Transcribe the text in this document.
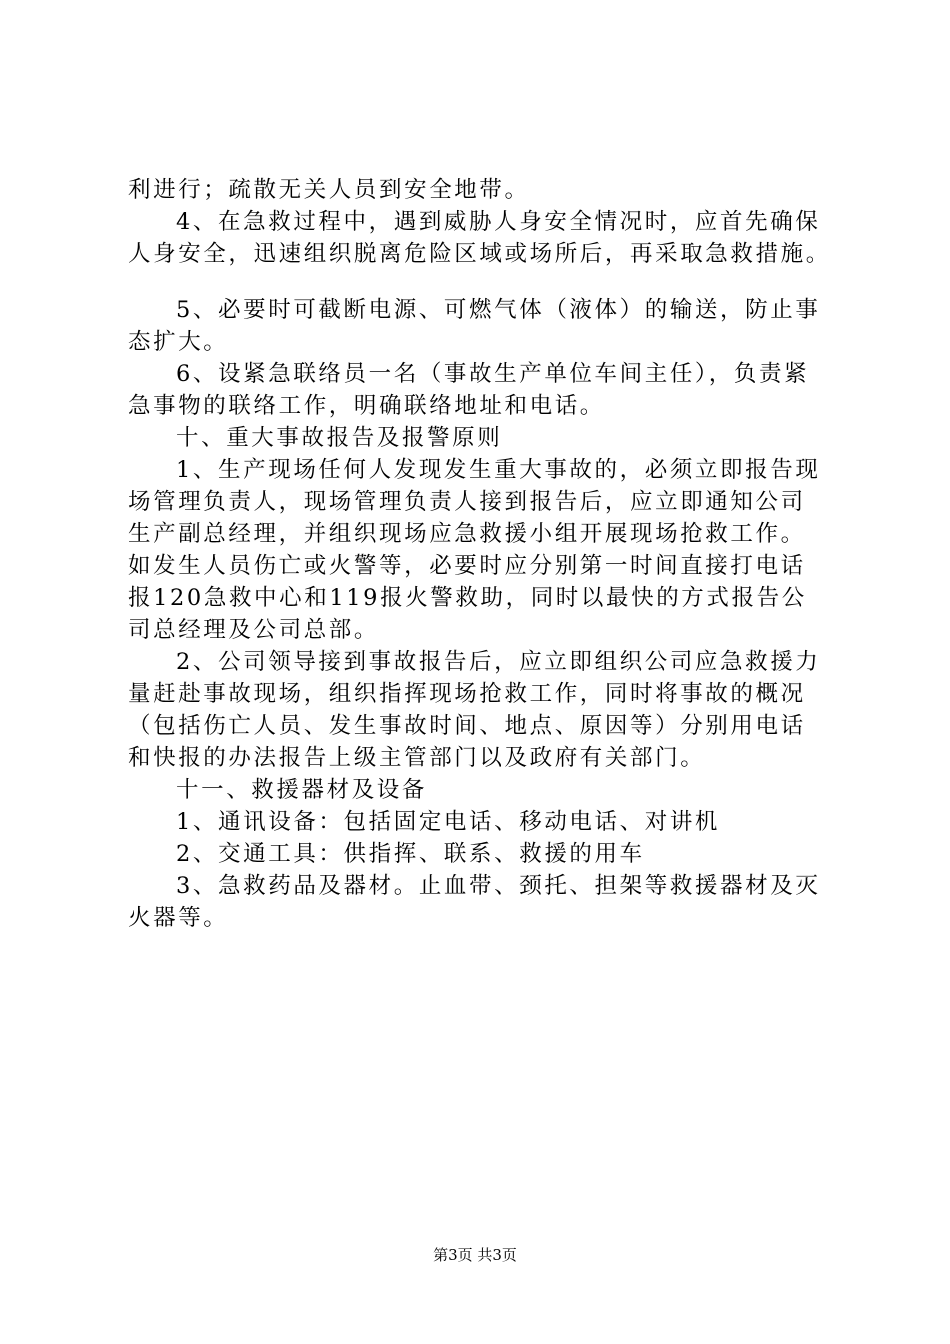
利进行；疏散无关人员到安全地带。
4、在急救过程中，遇到威胁人身安全情况时，应首先确保
人身安全，迅速组织脱离危险区域或场所后，再采取急救措施。
5、必要时可截断电源、可燃气体（液体）的输送，防止事
态扩大。
6、设紧急联络员一名（事故生产单位车间主任），负责紧
急事物的联络工作，明确联络地址和电话。
十、重大事故报告及报警原则
1、生产现场任何人发现发生重大事故的，必须立即报告现
场管理负责人，现场管理负责人接到报告后，应立即通知公司
生产副总经理，并组织现场应急救援小组开展现场抢救工作。
如发生人员伤亡或火警等，必要时应分别第一时间直接打电话
报120急救中心和119报火警救助，同时以最快的方式报告公
司总经理及公司总部。
2、公司领导接到事故报告后，应立即组织公司应急救援力
量赶赴事故现场，组织指挥现场抢救工作，同时将事故的概况
（包括伤亡人员、发生事故时间、地点、原因等）分别用电话
和快报的办法报告上级主管部门以及政府有关部门。
十一、救援器材及设备
1、通讯设备：包括固定电话、移动电话、对讲机
2、交通工具：供指挥、联系、救援的用车
3、急救药品及器材。止血带、颈托、担架等救援器材及灭
火器等。
第3页 共3页
